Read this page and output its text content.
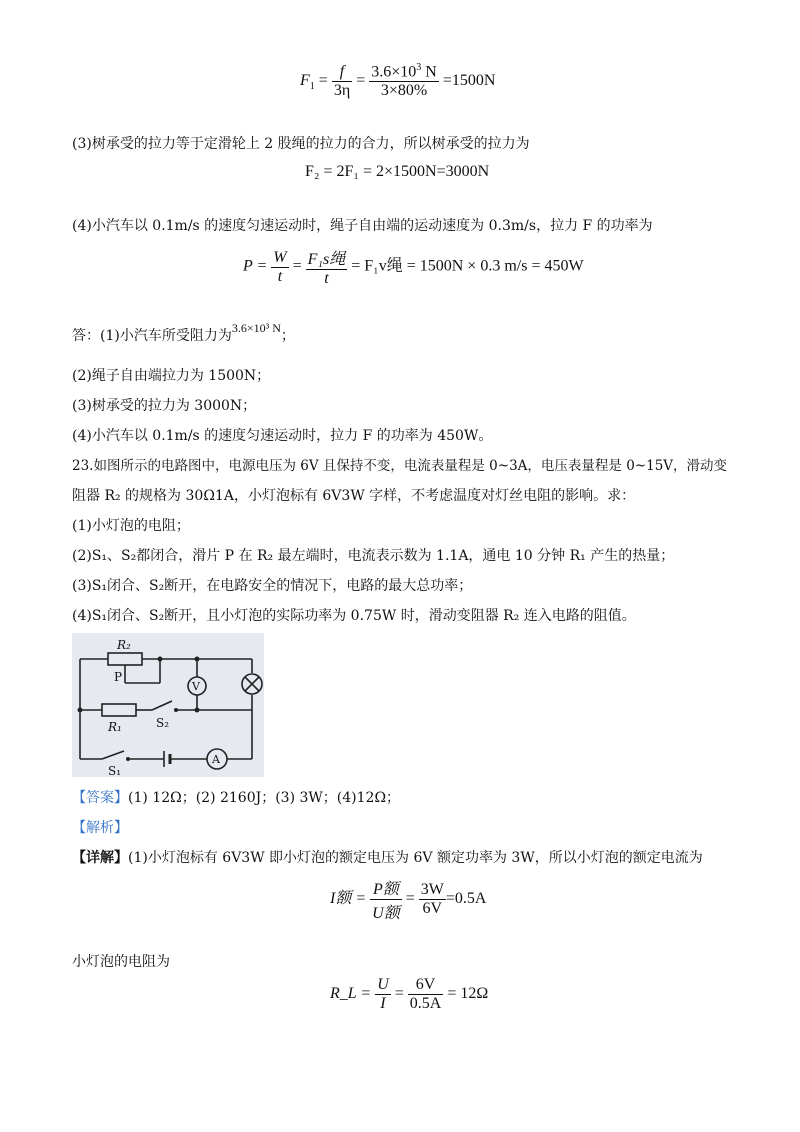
$F_1 = \frac{f}{3\eta} = \frac{3.6\times 10^3 N}{3\times 80\%} =1500N$
(3)树承受的拉力等于定滑轮上 2 股绳的拉力的合力，所以树承受的拉力为
F₂ = 2F₁ = 2×1500N=3000N
(4)小汽车以 0.1m/s 的速度匀速运动时，绳子自由端的运动速度为 0.3m/s，拉力 F 的功率为
$P = \frac{W}{t} = \frac{\text{F₁s绳}}{t} = F_1v$绳 = 1500N × 0.3 m/s = 450W
答：(1)小汽车所受阻力为3.6×10³ N；
(2)绳子自由端拉力为 1500N；
(3)树承受的拉力为 3000N；
(4)小汽车以 0.1m/s 的速度匀速运动时，拉力 F 的功率为 450W。
23.如图所示的电路图中，电源电压为 6V 且保持不变，电流表量程是 0~3A，电压表量程是 0~15V，滑动变
阻器 R₂ 的规格为 30Ω1A，小灯泡标有 6V3W 字样，不考虑温度对灯丝电阻的影响。求：
(1)小灯泡的电阻；
(2)S₁、S₂都闭合，滑片 P 在 R₂ 最左端时，电流表示数为 1.1A，通电 10 分钟 R₁ 产生的热量；
(3)S₁闭合、S₂断开，在电路安全的情况下，电路的最大总功率；
(4)S₁闭合、S₂断开，且小灯泡的实际功率为 0.75W 时，滑动变阻器 R₂ 连入电路的阻值。
R₂
P
V
R₁	S₂
S₁
A
【答案】(1) 12Ω；(2) 2160J；(3) 3W；(4)12Ω；
【解析】
【详解】(1)小灯泡标有 6V3W 即小灯泡的额定电压为 6V 额定功率为 3W，所以小灯泡的额定电流为
I额 = $\frac{\text{P额}}{\text{U额}} = \frac{3W}{6V} =0.5A$
小灯泡的电阻为
R_L = $\frac{U}{I} = \frac{6V}{0.5A} = 12\Omega$
